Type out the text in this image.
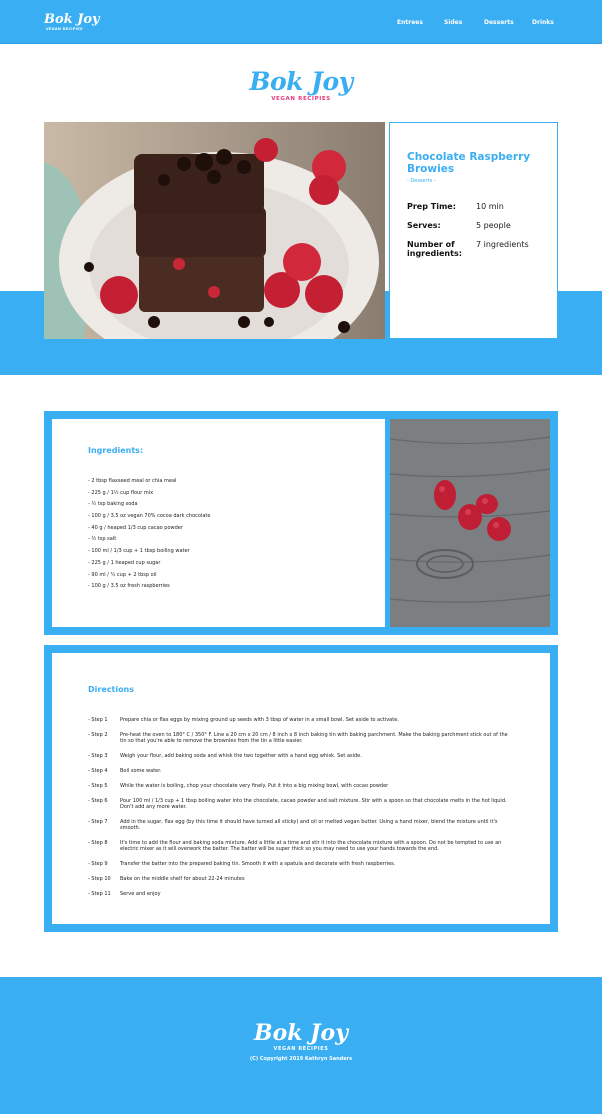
Bok Joy
VEGAN RECIPIES
Entrees	Sides	Desserts	Drinks
Bok Joy
VEGAN RECIPIES
Chocolate Raspberry Browies
- Desserts -
Prep Time:	10 min
Serves:	5 people
Number of ingredients:
7 ingredients
Ingredients:
- 2 tbsp flaxseed meal or chia meal
- 225 g / 1½ cup flour mix
- ½ tsp baking soda
- 100 g / 3.5 oz vegan 70% cocoa dark chocolate
- 40 g / heaped 1/3 cup cacao powder
- ½ tsp salt
- 100 ml / 1/3 cup + 1 tbsp boiling water
- 225 g / 1 heaped cup sugar
- 90 ml / ¼ cup + 2 tbsp oil
- 100 g / 3.5 oz fresh raspberries
Directions
- Step 1	Prepare chia or flax eggs by mixing ground up seeds with 3 tbsp of water in a small bowl. Set aside to activate.
- Step 2	Pre-heat the oven to 180° C / 350° F. Line a 20 cm x 20 cm / 8 inch x 8 inch baking tin with baking parchment. Make the baking parchment stick out of the tin so that you're able to remove the brownies from the tin a little easier.
- Step 3	Weigh your flour, add baking soda and whisk the two together with a hand egg whisk. Set aside.
- Step 4	Boil some water.
- Step 5	While the water is boiling, chop your chocolate very finely. Put it into a big mixing bowl, with cocao powder
- Step 6	Pour 100 ml / 1/3 cup + 1 tbsp boiling water into the chocolate, cacao powder and salt mixture. Stir with a spoon so that chocolate melts in the hot liquid. Don't add any more water.
- Step 7	Add in the sugar, flax egg (by this time it should have turned all sticky) and oil or melted vegan butter. Using a hand mixer, blend the mixture until it's smooth.
- Step 8	It's time to add the flour and baking soda mixture. Add a little at a time and stir it into the chocolate mixture with a spoon. Do not be tempted to use an electric mixer as it will overwork the batter. The batter will be super thick so you may need to use your hands towards the end.
- Step 9	Transfer the batter into the prepared baking tin. Smooth it with a spatula and decorate with fresh raspberries.
- Step 10	Bake on the middle shelf for about 22-24 minutes
- Step 11	Serve and enjoy
Bok Joy
VEGAN RECIPIES
(C) Copyright 2019 Kathryn Sanders
